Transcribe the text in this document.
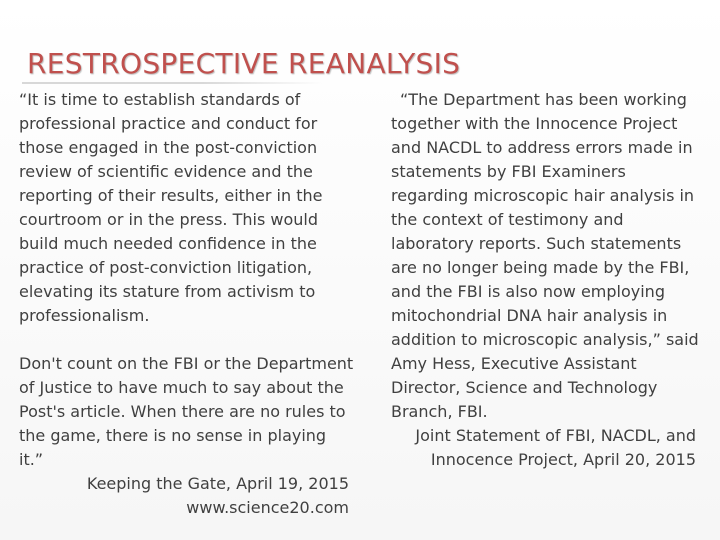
RESTROSPECTIVE REANALYSIS

“It is time to establish standards of professional practice and conduct for those engaged in the post-conviction review of scientific evidence and the reporting of their results, either in the courtroom or in the press. This would build much needed confidence in the practice of post-conviction litigation, elevating its stature from activism to professionalism.

Don't count on the FBI or the Department of Justice to have much to say about the Post's article. When there are no rules to the game, there is no sense in playing it.”

Keeping the Gate, April 19, 2015

www.science20.com

“The Department has been working together with the Innocence Project and NACDL to address errors made in statements by FBI Examiners regarding microscopic hair analysis in the context of testimony and laboratory reports. Such statements are no longer being made by the FBI, and the FBI is also now employing mitochondrial DNA hair analysis in addition to microscopic analysis,” said Amy Hess, Executive Assistant Director, Science and Technology Branch, FBI.

Joint Statement of FBI, NACDL, and

Innocence Project, April 20, 2015
